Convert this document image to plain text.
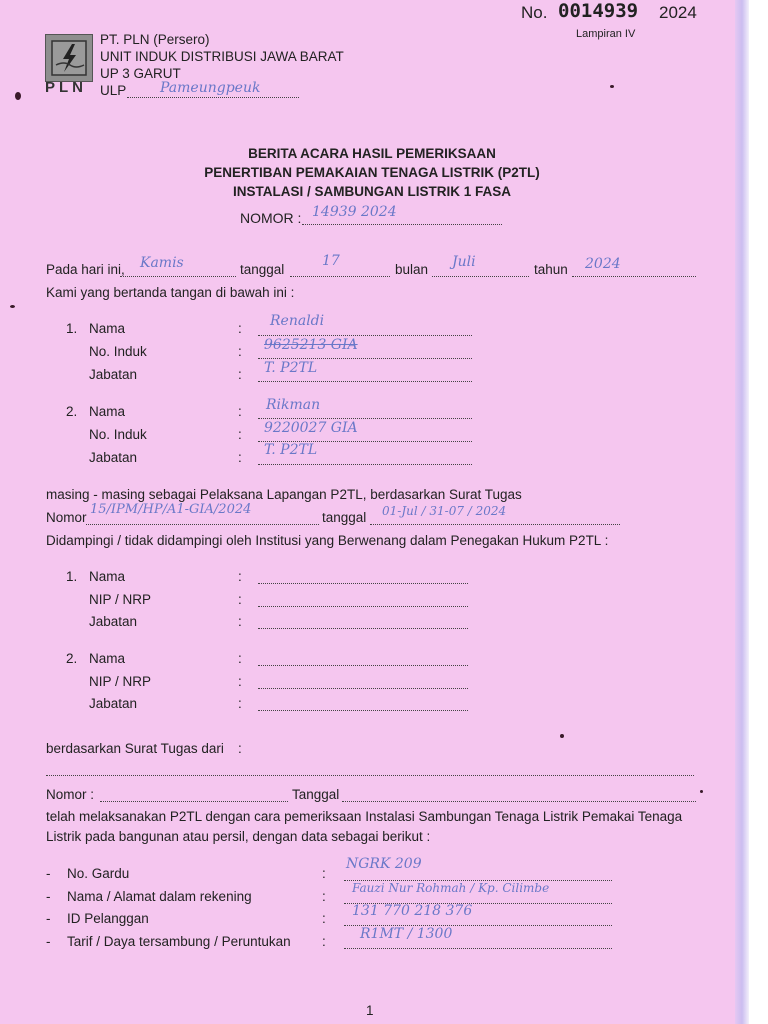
No. 0014939 2024
Lampiran IV
PLN
PT. PLN (Persero)
UNIT INDUK DISTRIBUSI JAWA BARAT
UP 3 GARUT
ULP Pameungpeuk
BERITA ACARA HASIL PEMERIKSAAN
PENERTIBAN PEMAKAIAN TENAGA LISTRIK (P2TL)
INSTALASI / SAMBUNGAN LISTRIK 1 FASA
NOMOR : 14939 2024
Pada hari ini, Kamis	tanggal
17
bulan Juli	tahun 2024
Kami yang bertanda tangan di bawah ini :
1. Nama	: Renaldi
No. Induk	: 9625213 GIA
Jabatan	: T. P2TL
2. Nama	: Rikman
No. Induk	: 9220027 GIA
Jabatan	: T. P2TL
masing - masing sebagai Pelaksana Lapangan P2TL, berdasarkan Surat Tugas
Nomor
15/IPM/HP/A1-GIA/2024
tanggal 01-Jul / 31-07 / 2024
Didampingi / tidak didampingi oleh Institusi yang Berwenang dalam Penegakan Hukum P2TL :
1. Nama	:
NIP / NRP	:
Jabatan	:
2. Nama	:
NIP / NRP	:
Jabatan	:
berdasarkan Surat Tugas dari :
Nomor :	Tanggal
telah melaksanakan P2TL dengan cara pemeriksaan Instalasi Sambungan Tenaga Listrik Pemakai Tenaga
Listrik pada bangunan atau persil, dengan data sebagai berikut :
- No. Gardu	:
NGRK 209
- Nama / Alamat dalam rekening	:
Fauzi Nur Rohmah / Kp. Cilimbe
- ID Pelanggan	: 131 770 218 376
- Tarif / Daya tersambung / Peruntukan : R1MT / 1300
1
